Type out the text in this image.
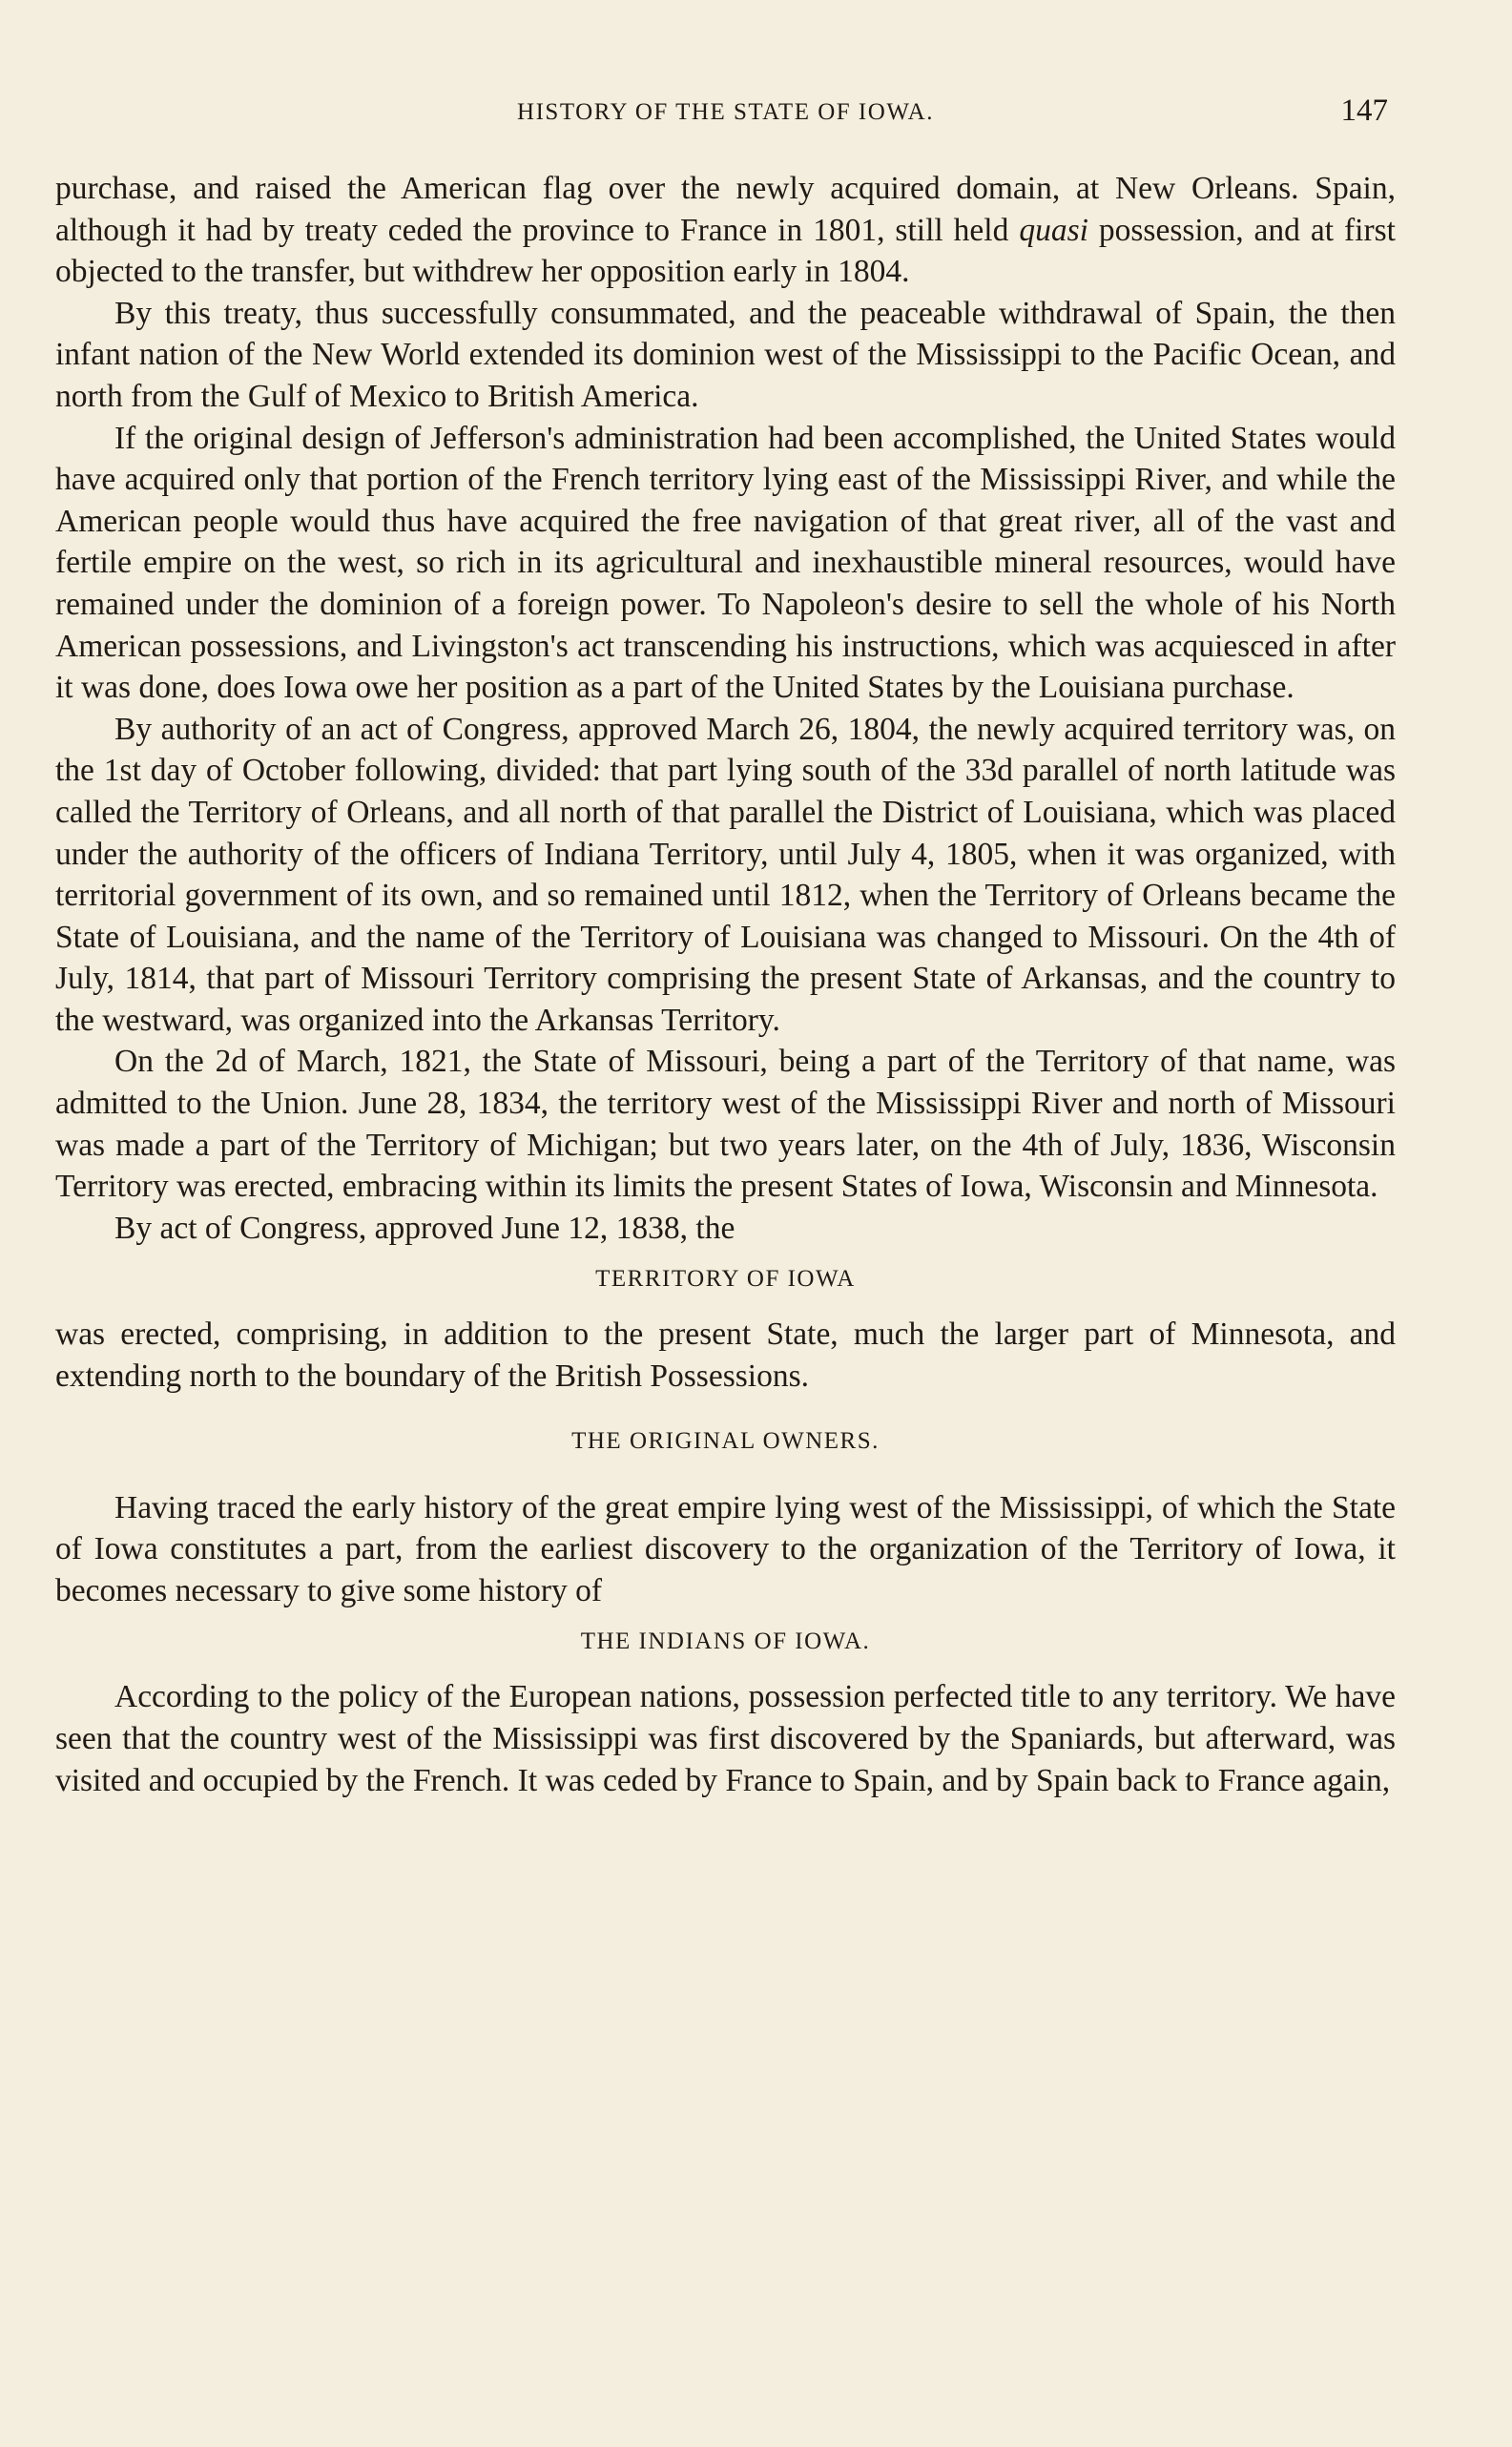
HISTORY OF THE STATE OF IOWA.	147

purchase, and raised the American flag over the newly acquired domain, at New Orleans. Spain, although it had by treaty ceded the province to France in 1801, still held quasi possession, and at first objected to the transfer, but withdrew her opposition early in 1804.

By this treaty, thus successfully consummated, and the peaceable withdrawal of Spain, the then infant nation of the New World extended its dominion west of the Mississippi to the Pacific Ocean, and north from the Gulf of Mexico to British America.

If the original design of Jefferson's administration had been accomplished, the United States would have acquired only that portion of the French territory lying east of the Mississippi River, and while the American people would thus have acquired the free navigation of that great river, all of the vast and fertile empire on the west, so rich in its agricultural and inexhaustible mineral resources, would have remained under the dominion of a foreign power. To Napoleon's desire to sell the whole of his North American possessions, and Livingston's act transcending his instructions, which was acquiesced in after it was done, does Iowa owe her position as a part of the United States by the Louisiana purchase.

By authority of an act of Congress, approved March 26, 1804, the newly acquired territory was, on the 1st day of October following, divided: that part lying south of the 33d parallel of north latitude was called the Territory of Orleans, and all north of that parallel the District of Louisiana, which was placed under the authority of the officers of Indiana Territory, until July 4, 1805, when it was organized, with territorial government of its own, and so remained until 1812, when the Territory of Orleans became the State of Louisiana, and the name of the Territory of Louisiana was changed to Missouri. On the 4th of July, 1814, that part of Missouri Territory comprising the present State of Arkansas, and the country to the westward, was organized into the Arkansas Territory.

On the 2d of March, 1821, the State of Missouri, being a part of the Territory of that name, was admitted to the Union. June 28, 1834, the territory west of the Mississippi River and north of Missouri was made a part of the Territory of Michigan; but two years later, on the 4th of July, 1836, Wisconsin Territory was erected, embracing within its limits the present States of Iowa, Wisconsin and Minnesota.

By act of Congress, approved June 12, 1838, the

TERRITORY OF IOWA

was erected, comprising, in addition to the present State, much the larger part of Minnesota, and extending north to the boundary of the British Possessions.

THE ORIGINAL OWNERS.

Having traced the early history of the great empire lying west of the Mississippi, of which the State of Iowa constitutes a part, from the earliest discovery to the organization of the Territory of Iowa, it becomes necessary to give some history of

THE INDIANS OF IOWA.

According to the policy of the European nations, possession perfected title to any territory. We have seen that the country west of the Mississippi was first discovered by the Spaniards, but afterward, was visited and occupied by the French. It was ceded by France to Spain, and by Spain back to France again,
